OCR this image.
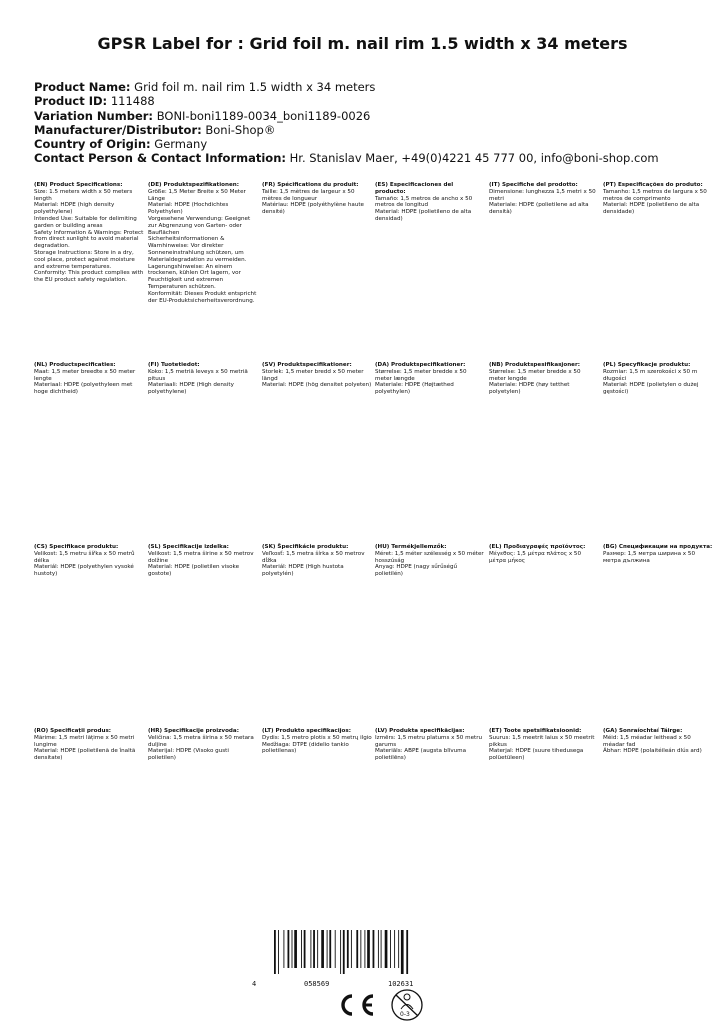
GPSR Label for : Grid foil m. nail rim 1.5 width x 34 meters
Product Name: Grid foil m. nail rim 1.5 width x 34 meters
Product ID: 111488
Variation Number: BONI-boni1189-0034_boni1189-0026
Manufacturer/Distributor: Boni-Shop®
Country of Origin: Germany
Contact Person & Contact Information: Hr. Stanislav Maer, +49(0)4221 45 777 00, info@boni-shop.com
(EN) Product Specifications:
Size: 1.5 meters width x 50 meters length
Material: HDPE (high density polyethylene)
Intended Use: Suitable for delimiting garden or building areas
Safety Information & Warnings: Protect from direct sunlight to avoid material degradation.
Storage Instructions: Store in a dry, cool place, protect against moisture and extreme temperatures.
Conformity: This product complies with the EU product safety regulation.
(DE) Produktspezifikationen:
Größe: 1,5 Meter Breite x 50 Meter Länge
Material: HDPE (Hochdichtes Polyethylen)
Vorgesehene Verwendung: Geeignet zur Abgrenzung von Garten- oder Bauflächen
Sicherheitsinformationen & Warnhinweise: Vor direkter Sonneneinstrahlung schützen, um Materialdegradation zu vermeiden.
Lagerungshinweise: An einem trockenen, kühlen Ort lagern, vor Feuchtigkeit und extremen Temperaturen schützen.
Konformität: Dieses Produkt entspricht der EU-Produktsicherheitsverordnung.
(FR) Spécifications du produit:
Taille: 1,5 mètres de largeur x 50 mètres de longueur
Matériau: HDPE (polyéthylène haute densité)
(ES) Especificaciones del producto:
Tamaño: 1,5 metros de ancho x 50 metros de longitud
Material: HDPE (polietileno de alta densidad)
(IT) Specifiche del prodotto:
Dimensione: lunghezza 1,5 metri x 50 metri
Materiale: HDPE (polietilene ad alta densità)
(PT) Especificações do produto:
Tamanho: 1,5 metros de largura x 50 metros de comprimento
Material: HDPE (polietileno de alta densidade)
(NL) Productspecificaties:
Maat: 1,5 meter breedte x 50 meter lengte
Materiaal: HDPE (polyethyleen met hoge dichtheid)
(FI) Tuotetiedot:
Koko: 1,5 metriä leveys x 50 metriä pituus
Materiaali: HDPE (High density polyethylene)
(SV) Produktspecifikationer:
Storlek: 1,5 meter bredd x 50 meter längd
Material: HDPE (hög densitet polyeten)
(DA) Produktspecifikationer:
Størrelse: 1,5 meter bredde x 50 meter længde
Materiale: HDPE (Højtæthed polyethylen)
(NB) Produktspesifikasjoner:
Størrelse: 1,5 meter bredde x 50 meter lengde
Materiale: HDPE (høy tetthet polyetylen)
(PL) Specyfikacje produktu:
Rozmiar: 1,5 m szerokości x 50 m długości
Materiał: HDPE (polietylen o dużej gęstości)
(CS) Specifikace produktu:
Velikost: 1,5 metru šířka x 50 metrů délka
Materiál: HDPE (polyethylen vysoké hustoty)
(SL) Specifikacije izdelka:
Velikost: 1,5 metra širine x 50 metrov dolžine
Material: HDPE (polietilen visoke gostote)
(SK) Špecifikácie produktu:
Veľkosť: 1,5 metra šírka x 50 metrov dĺžka
Materiál: HDPE (High hustota polyetylén)
(HU) Termékjellemzők:
Méret: 1,5 méter szélesség x 50 méter hosszúság
Anyag: HDPE (nagy sűrűségű polietilén)
(EL) Προδιαγραφές προϊόντος:
Μέγεθος: 1,5 μέτρα πλάτος x 50 μέτρα μήκος
(BG) Спецификации на продукта:
Размер: 1,5 метра ширина x 50 метра дължина
(RO) Specificații produs:
Mărime: 1,5 metri lățime x 50 metri lungime
Material: HDPE (polietilenă de înaltă densitate)
(HR) Specifikacije proizvoda:
Veličina: 1,5 metra širina x 50 metara duljine
Materijal: HDPE (Visoko gusti polietilen)
(LT) Produkto specifikacijos:
Dydis: 1,5 metro plotis x 50 metrų ilgio
Medžiaga: DTPE (didelio tankio polietilenas)
(LV) Produkta specifikācijas:
Izmērs: 1,5 metru platums x 50 metru garums
Materiāls: ABPE (augsta blīvuma polietilēns)
(ET) Toote spetsifikatsioonid:
Suurus: 1,5 meetrit laius x 50 meetrit pikkus
Materjal: HDPE (suure tihedusega polüetüleen)
(GA) Sonraíochtaí Táirge:
Méid: 1,5 méadar leithead x 50 méadar fad
Ábhar: HDPE (polaitéileán dlús ard)
4	058569	102631
0-3
